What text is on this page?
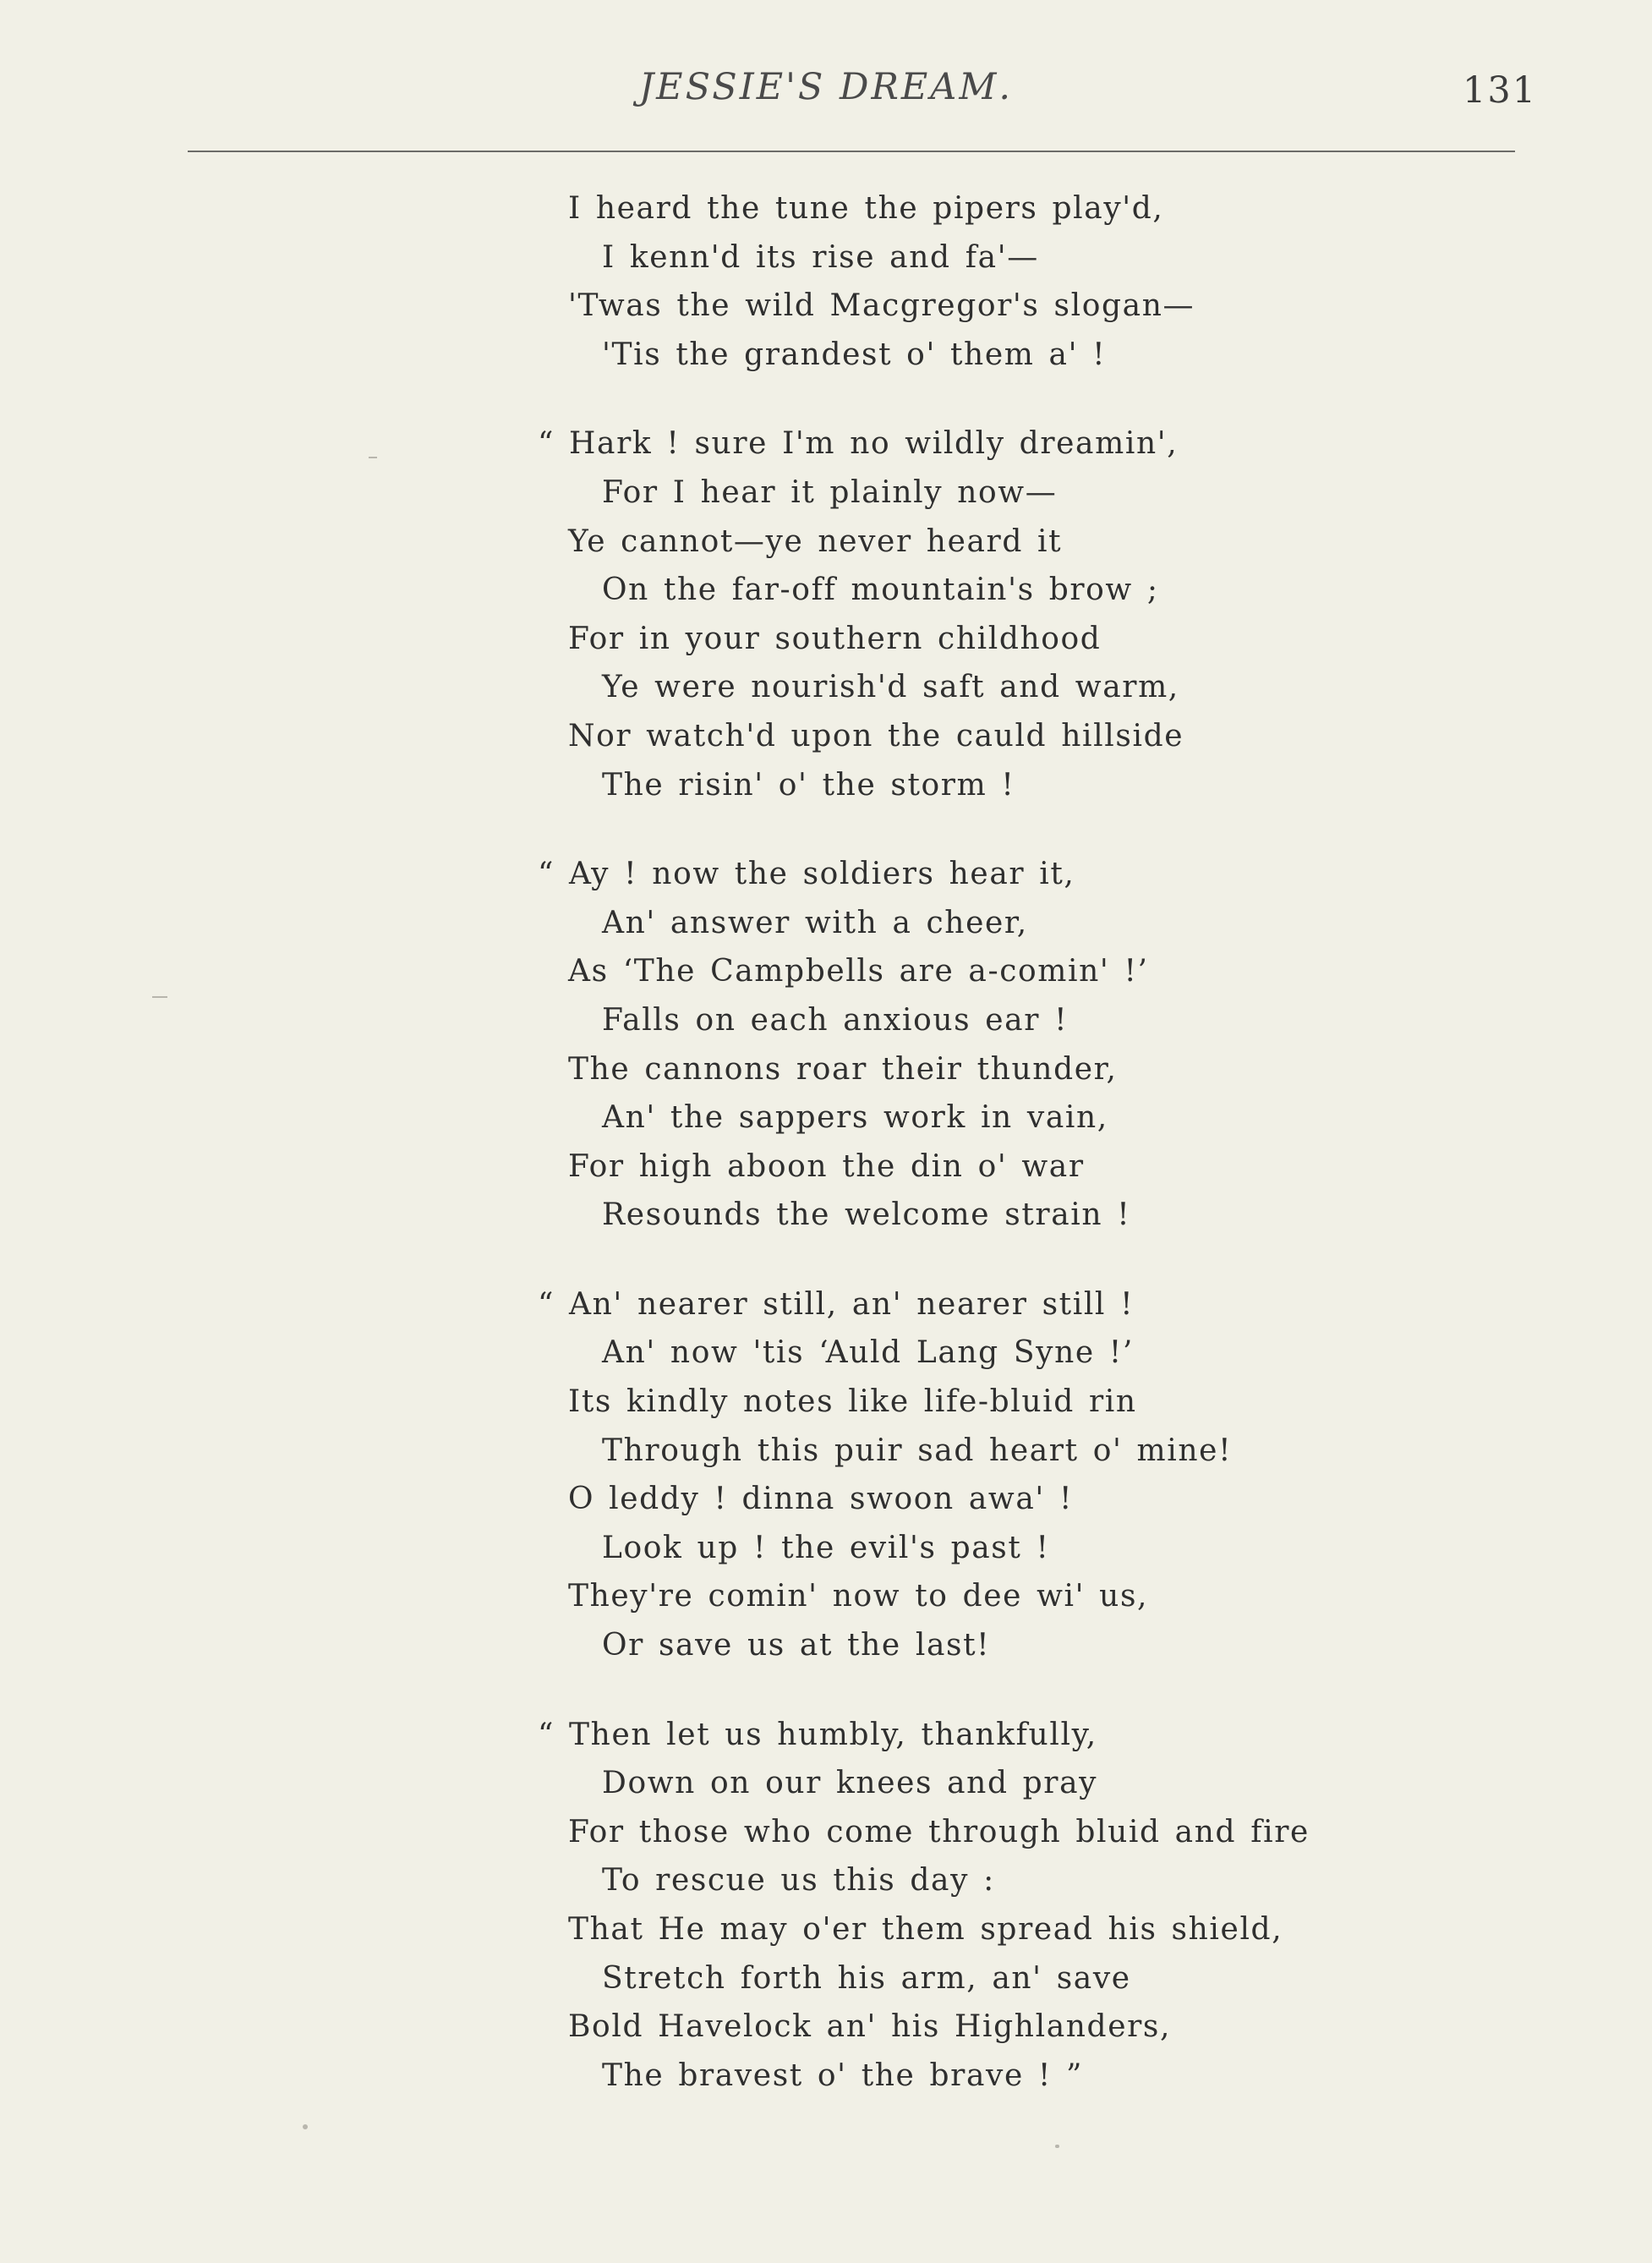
JESSIE'S DREAM.	131
I heard the tune the pipers play'd,
I kenn'd its rise and fa'—
'Twas the wild Macgregor's slogan—
'Tis the grandest o' them a' !
“ Hark ! sure I'm no wildly dreamin',
For I hear it plainly now—
Ye cannot—ye never heard it
On the far-off mountain's brow ;
For in your southern childhood
Ye were nourish'd saft and warm,
Nor watch'd upon the cauld hillside
The risin' o' the storm !
“ Ay ! now the soldiers hear it,
An' answer with a cheer,
As ‘The Campbells are a-comin' !’
Falls on each anxious ear !
The cannons roar their thunder,
An' the sappers work in vain,
For high aboon the din o' war
Resounds the welcome strain !
“ An' nearer still, an' nearer still !
An' now 'tis ‘Auld Lang Syne !’
Its kindly notes like life-bluid rin
Through this puir sad heart o' mine!
O leddy ! dinna swoon awa' !
Look up ! the evil's past !
They're comin' now to dee wi' us,
Or save us at the last!
“ Then let us humbly, thankfully,
Down on our knees and pray
For those who come through bluid and fire
To rescue us this day :
That He may o'er them spread his shield,
Stretch forth his arm, an' save
Bold Havelock an' his Highlanders,
The bravest o' the brave ! ”
